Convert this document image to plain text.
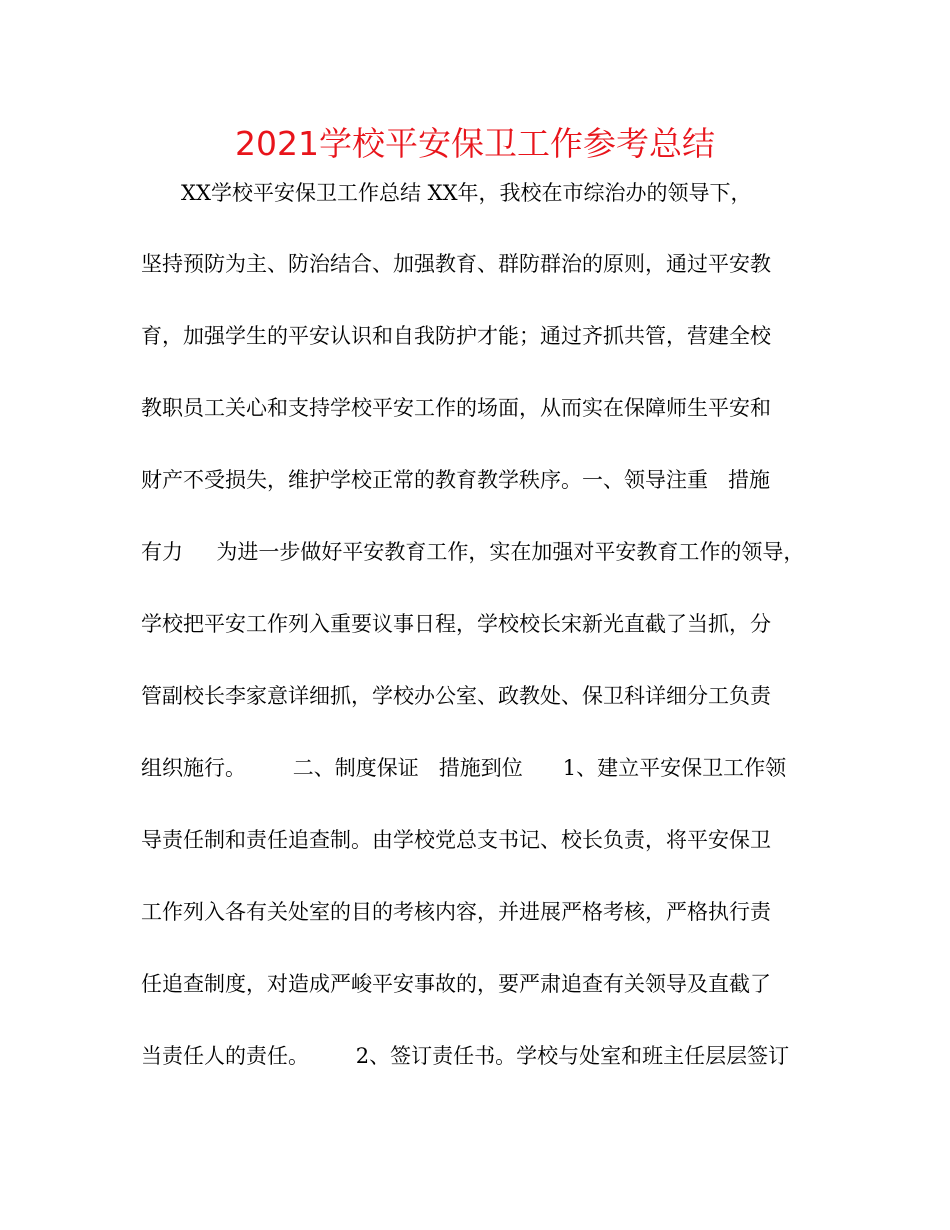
2021学校平安保卫工作参考总结
XX学校平安保卫工作总结 XX年，我校在市综治办的领导下，
坚持预防为主、防治结合、加强教育、群防群治的原则，通过平安教
育，加强学生的平安认识和自我防护才能；通过齐抓共管，营建全校
教职员工关心和支持学校平安工作的场面，从而实在保障师生平安和
财产不受损失，维护学校正常的教育教学秩序。一、领导注重   措施
有力     为进一步做好平安教育工作，实在加强对平安教育工作的领导，
学校把平安工作列入重要议事日程，学校校长宋新光直截了当抓，分
管副校长李家意详细抓，学校办公室、政教处、保卫科详细分工负责
组织施行。       二、制度保证   措施到位      1、建立平安保卫工作领
导责任制和责任追查制。由学校党总支书记、校长负责，将平安保卫
工作列入各有关处室的目的考核内容，并进展严格考核，严格执行责
任追查制度，对造成严峻平安事故的，要严肃追查有关领导及直截了
当责任人的责任。       2、签订责任书。学校与处室和班主任层层签订
